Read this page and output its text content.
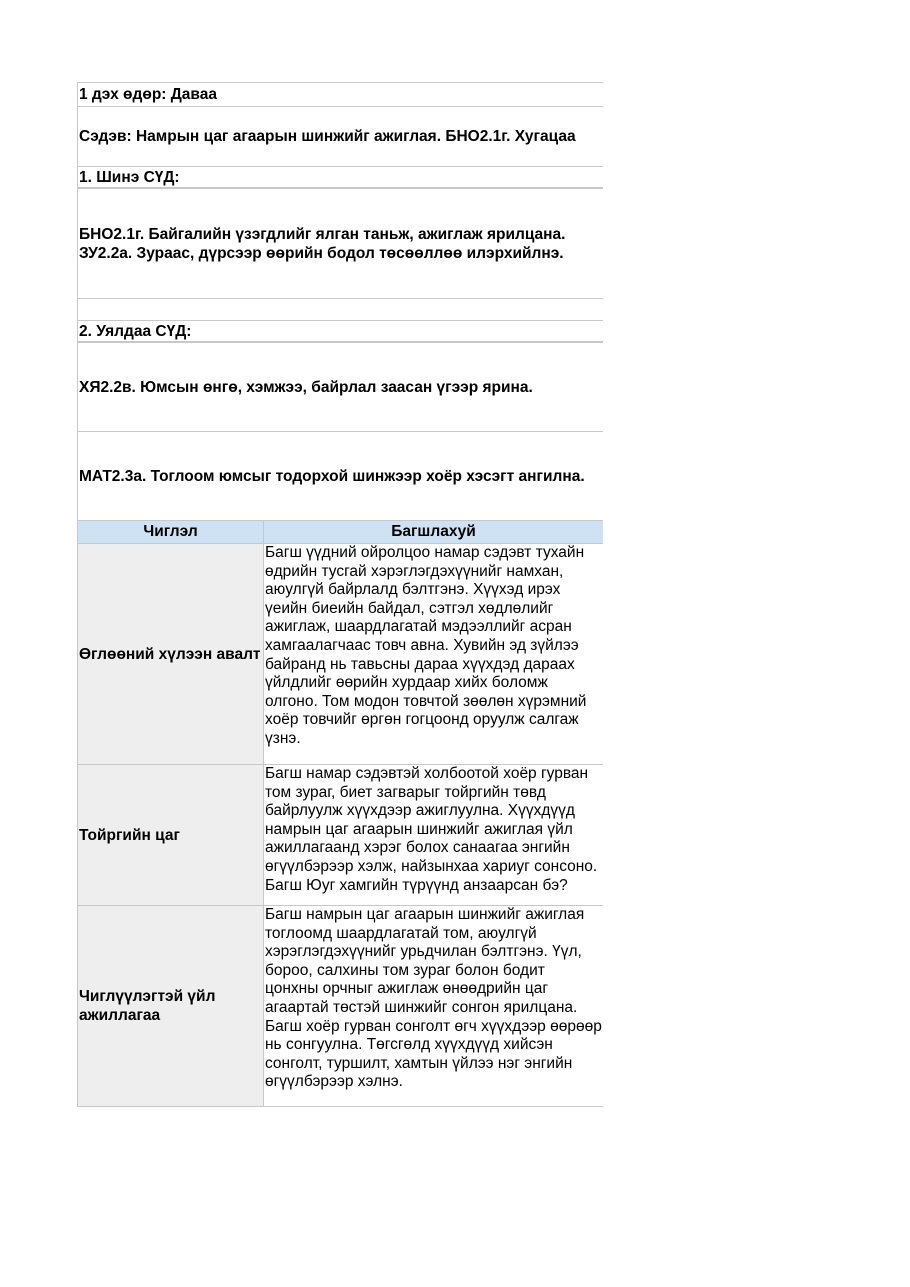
1 дэх өдөр: Даваа
Сэдэв: Намрын цаг агаарын шинжийг ажиглая. БНО2.1г. Хугацаа
1. Шинэ СҮД:
БНО2.1г. Байгалийн үзэгдлийг ялган таньж, ажиглаж ярилцана.
ЗУ2.2а. Зураас, дүрсээр өөрийн бодол төсөөллөө илэрхийлнэ.
2. Уялдаа СҮД:
ХЯ2.2в. Юмсын өнгө, хэмжээ, байрлал заасан үгээр ярина.
МАТ2.3а. Тоглоом юмсыг тодорхой шинжээр хоёр хэсэгт ангилна.
Чиглэл	Багшлахуй
Өглөөний хүлээн авалт	Багш үүдний ойролцоо намар сэдэвт тухайн өдрийн тусгай хэрэглэгдэхүүнийг намхан, аюулгүй байрлалд бэлтгэнэ. Хүүхэд ирэх үеийн биеийн байдал, сэтгэл хөдлөлийг ажиглаж, шаардлагатай мэдээллийг асран хамгаалагчаас товч авна. Хувийн эд зүйлээ байранд нь тавьсны дараа хүүхдэд дараах үйлдлийг өөрийн хурдаар хийх боломж олгоно. Том модон товчтой зөөлөн хүрэмний хоёр товчийг өргөн гогцоонд оруулж салгаж үзнэ.

Тойргийн цаг	Багш намар сэдэвтэй холбоотой хоёр гурван том зураг, биет загварыг тойргийн төвд байрлуулж хүүхдээр ажиглуулна. Хүүхдүүд намрын цаг агаарын шинжийг ажиглая үйл ажиллагаанд хэрэг болох санаагаа энгийн өгүүлбэрээр хэлж, найзынхаа хариуг сонсоно. Багш Юуг хамгийн түрүүнд анзаарсан бэ?

Чиглүүлэгтэй үйл ажиллагаа	Багш намрын цаг агаарын шинжийг ажиглая тоглоомд шаардлагатай том, аюулгүй хэрэглэгдэхүүнийг урьдчилан бэлтгэнэ. Үүл, бороо, салхины том зураг болон бодит цонхны орчныг ажиглаж өнөөдрийн цаг агаартай төстэй шинжийг сонгон ярилцана. Багш хоёр гурван сонголт өгч хүүхдээр өөрөөр нь сонгуулна. Төгсгөлд хүүхдүүд хийсэн сонголт, туршилт, хамтын үйлээ нэг энгийн өгүүлбэрээр хэлнэ.
